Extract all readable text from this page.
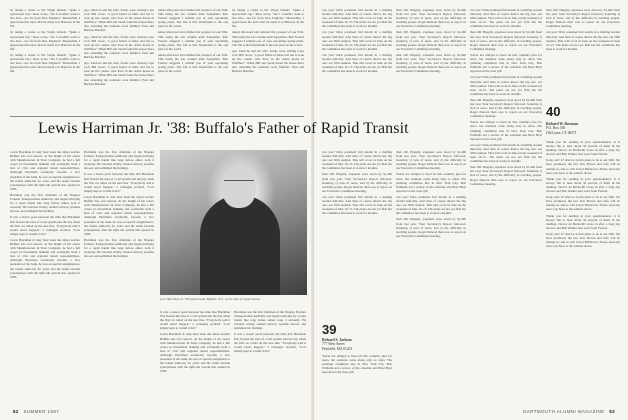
by taking a cruise to the Virgin Islands. "Quite a spectacular trip," Russ wrote, "but I wouldn't want to live here—not far from New England." Meanwhile, I appreciated the news that he made it to Hanover in the fall.

by taking a cruise to the Virgin Islands. "Quite a spectacular trip," Russ wrote, "but I wouldn't want to live here—not far from New England." Meanwhile, I appreciated the news that he made it to Hanover in the fall.

by taking a cruise to the Virgin Islands. "Quite a spectacular trip," Russ wrote, "but I wouldn't want to live here—not far from New England." Meanwhile, I appreciated the news that he made it to Hanover in the fall.

ago, when he and his wife, Sarah, were visiting Cape Cod. Bill wrote, "a good friend of mine told me to look up his cousin, who lives in the oldest house in Wellfleet." When Bill and Sarah found the house there also attending the reunions were familiar: Paul and Barbara Baucher.

ago, when he and his wife, Sarah, were visiting Cape Cod. Bill wrote, "a good friend of mine told me to look up his cousin, who lives in the oldest house in Wellfleet." When Bill and Sarah found the house there also attending the reunions were familiar: Paul and Barbara Baucher.

ago, when he and his wife, Sarah, were visiting Cape Cod. Bill wrote, "a good friend of mine told me to look up his cousin, who lives in the oldest house in Wellfleet." When Bill and Sarah found the house there also attending the reunions were familiar: Paul and Barbara Baucher.

talked afterward and relished the prospect of our 50th. This being the last column until September, Bob Francis suggests I remind you of your upcoming spring plans. The fun is that Dartmouth is the one place in the world.

talked afterward and relished the prospect of our 50th. This being the last column until September, Bob Francis suggests I remind you of your upcoming spring plans. The fun is that Dartmouth is the one place in the world.

talked afterward and relished the prospect of our 50th. This being the last column until September, Bob Francis suggests I remind you of your upcoming spring plans. The fun is that Dartmouth is the one place in the world.

by taking a cruise to the Virgin Islands. "Quite a spectacular trip," Russ wrote, "but I wouldn't want to live here—not far from New England." Meanwhile, I appreciated the news that he made it to Hanover in the fall.

talked afterward and relished the prospect of our 50th. This being the last column until September, Bob Francis suggests I remind you of your upcoming spring plans. The fun is that Dartmouth is the one place in the world.

ago, when he and his wife, Sarah, were visiting Cape Cod. Bill wrote, "a good friend of mine told me to look up his cousin, who lives in the oldest house in Wellfleet." When Bill and Sarah found the house there also attending the reunions were familiar: Paul and Barbara Baucher.

Lewis Harriman Jr. may have been the oldest teacher Buffalo has ever known. At the height of his career with Manufacturers & Trust Company, he had a full career in investment banking and eventually held a host of civic and regional transit responsibilities. Although Harriman eventually became a vice president of the bank, he was on special assignment to the transit authority for years and his name became synonymous with the light-rail system that opened in 1985.

Harriman was the first chairman of the Niagara Frontier Transportation Authority and began lobbying for a rapid transit line long before others took it seriously. He traveled widely, studied subway systems abroad, and published his findings.

It was a dozen years between the time that Harriman first floated the idea of a rail system and the day when the first car rolled on the new line. "Everybody said it would never happen," a colleague recalled. "Lew simply kept at it until it did."

Lewis Harriman Jr. may have been the oldest teacher Buffalo has ever known. At the height of his career with Manufacturers & Trust Company, he had a full career in investment banking and eventually held a host of civic and regional transit responsibilities. Although Harriman eventually became a vice president of the bank, he was on special assignment to the transit authority for years and his name became synonymous with the light-rail system that opened in 1985.

Harriman was the first chairman of the Niagara Frontier Transportation Authority and began lobbying for a rapid transit line long before others took it seriously. He traveled widely, studied subway systems abroad, and published his findings.

It was a dozen years between the time that Harriman first floated the idea of a rail system and the day when the first car rolled on the new line. "Everybody said it would never happen," a colleague recalled. "Lew simply kept at it until it did."

Lewis Harriman Jr. may have been the oldest teacher Buffalo has ever known. At the height of his career with Manufacturers & Trust Company, he had a full career in investment banking and eventually held a host of civic and regional transit responsibilities. Although Harriman eventually became a vice president of the bank, he was on special assignment to the transit authority for years and his name became synonymous with the light-rail system that opened in 1985.

Harriman was the first chairman of the Niagara Frontier Transportation Authority and began lobbying for a rapid transit line long before others took it seriously. He traveled widely, studied subway systems abroad, and published his findings.

Lew Harriman Jr. '38 helped make Buffalo, N.Y., to the idea of rapid transit.

It was a dozen years between the time that Harriman first floated the idea of a rail system and the day when the first car rolled on the new line. "Everybody said it would never happen," a colleague recalled. "Lew simply kept at it until it did."

Lewis Harriman Jr. may have been the oldest teacher Buffalo has ever known. At the height of his career with Manufacturers & Trust Company, he had a full career in investment banking and eventually held a host of civic and regional transit responsibilities. Although Harriman eventually became a vice president of the bank, he was on special assignment to the transit authority for years and his name became synonymous with the light-rail system that opened in 1985.

Harriman was the first chairman of the Niagara Frontier Transportation Authority and began lobbying for a rapid transit line long before others took it seriously. He traveled widely, studied subway systems abroad, and published his findings.

It was a dozen years between the time that Harriman first floated the idea of a rail system and the day when the first car rolled on the new line. "Everybody said it would never happen," a colleague recalled. "Lew simply kept at it until it did."

82 SUMMER 1987

can you? Dick promised full details in a mailing around mid-July. And then of course there's the big one: our 50th reunion. That will occur in June on the weekend of June 10–15. The plans are not yet firm but the committee has been at work for months.

can you? Dick promised full details in a mailing around mid-July. And then of course there's the big one: our 50th reunion. That will occur in June on the weekend of June 10–15. The plans are not yet firm but the committee has been at work for months.

can you? Dick promised full details in a mailing around mid-July. And then of course there's the big one: our 50th reunion. That will occur in June on the weekend of June 10–15. The plans are not yet firm but the committee has been at work for months.

than 190. Happily, expenses were down by $1,400 from last year. Your Secretary's Report followed, featuring 1) lack of news, and 2) the difficulty in reaching people. Roger Duncan then rose to report on our Executive Committee meeting.

than 190. Happily, expenses were down by $1,400 from last year. Your Secretary's Report followed, featuring 1) lack of news, and 2) the difficulty in reaching people. Roger Duncan then rose to report on our Executive Committee meeting.

than 190. Happily, expenses were down by $1,400 from last year. Your Secretary's Report followed, featuring 1) lack of news, and 2) the difficulty in reaching people. Roger Duncan then rose to report on our Executive Committee meeting.

can you? Dick promised full details in a mailing around mid-July. And then of course there's the big one: our 50th reunion. That will occur in June on the weekend of June 10–15. The plans are not yet firm but the committee has been at work for months.

than 190. Happily, expenses were down by $1,400 from last year. Your Secretary's Report followed, featuring 1) lack of news, and 2) the difficulty in reaching people. Roger Duncan then rose to report on our Executive Committee meeting.

can you? Dick promised full details in a mailing around mid-July. And then of course there's the big one: our 50th reunion. That will occur in June on the weekend of June 10–15. The plans are not yet firm but the committee has been at work for months.

39
Richard S. Jackson
777 West Street
Pittsfield, MA 01201

You're not obliged to heed all this column's plea for news, but reunions come along only so often. The planning committee met in New York City. Bob Williams led a review of the schedule and Brad Heyl reported on the class gift.

than 190. Happily, expenses were down by $1,400 from last year. Your Secretary's Report followed, featuring 1) lack of news, and 2) the difficulty in reaching people. Roger Duncan then rose to report on our Executive Committee meeting.

You're not obliged to heed all this column's plea for news, but reunions come along only so often. The planning committee met in New York City. Bob Williams led a review of the schedule and Brad Heyl reported on the class gift.

can you? Dick promised full details in a mailing around mid-July. And then of course there's the big one: our 50th reunion. That will occur in June on the weekend of June 10–15. The plans are not yet firm but the committee has been at work for months.

than 190. Happily, expenses were down by $1,400 from last year. Your Secretary's Report followed, featuring 1) lack of news, and 2) the difficulty in reaching people. Roger Duncan then rose to report on our Executive Committee meeting.

can you? Dick promised full details in a mailing around mid-July. And then of course there's the big one: our 50th reunion. That will occur in June on the weekend of June 10–15. The plans are not yet firm but the committee has been at work for months.

than 190. Happily, expenses were down by $1,400 from last year. Your Secretary's Report followed, featuring 1) lack of news, and 2) the difficulty in reaching people. Roger Duncan then rose to report on our Executive Committee meeting.

You're not obliged to heed all this column's plea for news, but reunions come along only so often. The planning committee met in New York City. Bob Williams led a review of the schedule and Brad Heyl reported on the class gift.

can you? Dick promised full details in a mailing around mid-July. And then of course there's the big one: our 50th reunion. That will occur in June on the weekend of June 10–15. The plans are not yet firm but the committee has been at work for months.

than 190. Happily, expenses were down by $1,400 from last year. Your Secretary's Report followed, featuring 1) lack of news, and 2) the difficulty in reaching people. Roger Duncan then rose to report on our Executive Committee meeting.

You're not obliged to heed all this column's plea for news, but reunions come along only so often. The planning committee met in New York City. Bob Williams led a review of the schedule and Brad Heyl reported on the class gift.

can you? Dick promised full details in a mailing around mid-July. And then of course there's the big one: our 50th reunion. That will occur in June on the weekend of June 10–15. The plans are not yet firm but the committee has been at work for months.

than 190. Happily, expenses were down by $1,400 from last year. Your Secretary's Report followed, featuring 1) lack of news, and 2) the difficulty in reaching people. Roger Duncan then rose to report on our Executive Committee meeting.

than 190. Happily, expenses were down by $1,400 from last year. Your Secretary's Report followed, featuring 1) lack of news, and 2) the difficulty in reaching people. Roger Duncan then rose to report on our Executive Committee meeting.

can you? Dick promised full details in a mailing around mid-July. And then of course there's the big one: our 50th reunion. That will occur in June on the weekend of June 10–15. The plans are not yet firm but the committee has been at work for months.

40
Richard W. Bowman
P.O. Box 336
Old Lyme, CT 06371

Thank you for sending in your questionnaires. It is always fun to hear about 50 percent of them in the mailbag. Doctor Al Beckwith wrote in after a long trip abroad, and Bob Walker sent word from Florida.

Irony, isn't it? And Lu Gavin plans to be at our 50th. We have promised, the last Jack Brown and wife will be joining us, and so will Lloyd Hitchcock. Please send any news you have to the address above.

Thank you for sending in your questionnaires. It is always fun to hear about 50 percent of them in the mailbag. Doctor Al Beckwith wrote in after a long trip abroad, and Bob Walker sent word from Florida.

Irony, isn't it? And Lu Gavin plans to be at our 50th. We have promised, the last Jack Brown and wife will be joining us, and so will Lloyd Hitchcock. Please send any news you have to the address above.

Thank you for sending in your questionnaires. It is always fun to hear about 50 percent of them in the mailbag. Doctor Al Beckwith wrote in after a long trip abroad, and Bob Walker sent word from Florida.

Irony, isn't it? And Lu Gavin plans to be at our 50th. We have promised, the last Jack Brown and wife will be joining us, and so will Lloyd Hitchcock. Please send any news you have to the address above.

DARTMOUTH ALUMNI MAGAZINE 83
Lewis Harriman Jr. '38: Buffalo's Father of Rapid Transit
